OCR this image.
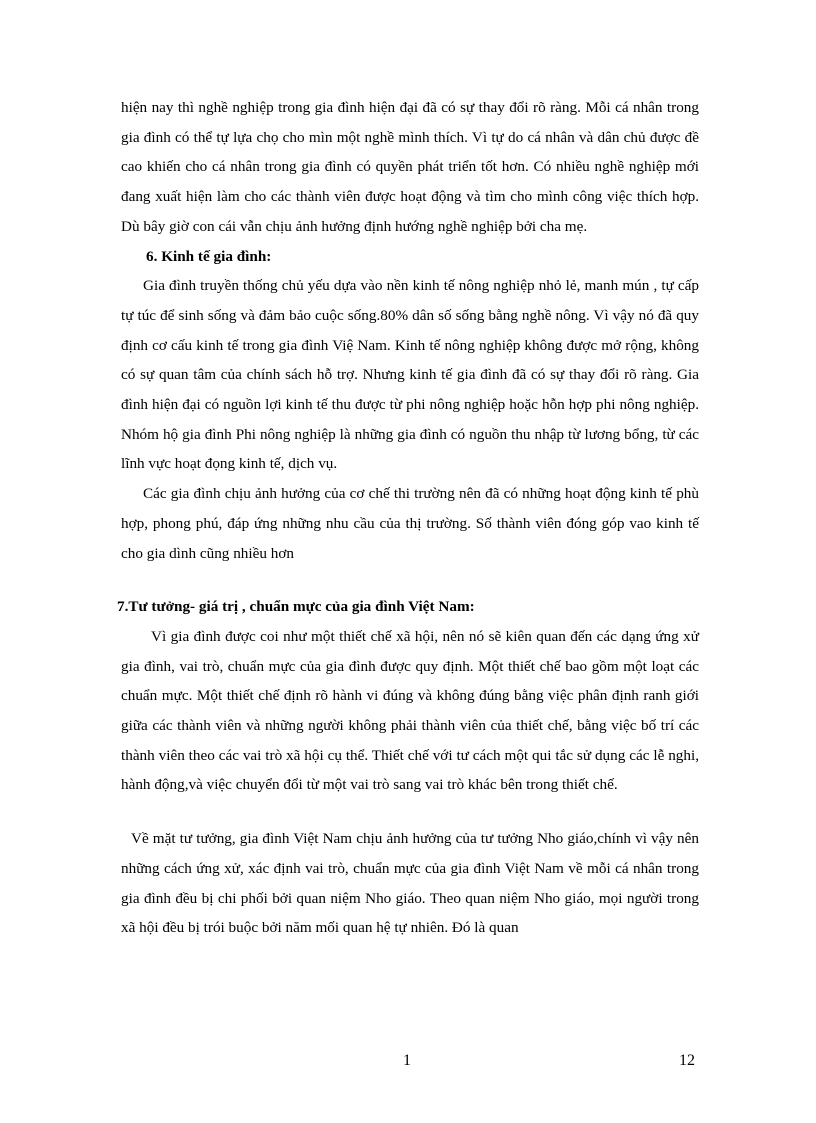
hiện nay thì nghề nghiệp trong gia đình hiện đại đã có sự thay đổi rõ ràng. Mỗi cá nhân trong gia đình có thể tự lựa chọ cho mìn một nghề mình thích. Vì tự do cá nhân và dân chủ được đề cao khiến cho cá nhân trong gia đình có quyền phát triển tốt hơn. Có nhiều nghề nghiệp mới đang xuất hiện làm cho các thành viên được hoạt động và tìm cho mình công việc thích hợp. Dù bây giờ con cái vẫn chịu ảnh hưởng định hướng nghề nghiệp bởi cha mẹ.

6. Kinh tế gia đình:

Gia đình truyền thống chủ yếu dựa vào nền kinh tế nông nghiệp nhỏ lẻ, manh mún , tự cấp tự túc để sinh sống và đảm bảo cuộc sống.80% dân số sống bằng nghề nông. Vì vậy nó đã quy định cơ cấu kinh tế trong gia đình Việ Nam. Kinh tế nông nghiệp không được mở rộng, không có sự quan tâm của chính sách hỗ trợ. Nhưng kinh tế gia đình đã có sự thay đổi rõ ràng. Gia đình hiện đại có nguồn lợi kinh tế thu được từ phi nông nghiệp hoặc hỗn hợp phi nông nghiệp. Nhóm hộ gia đình Phi nông nghiệp là những gia đình có nguồn thu nhập từ lương bổng, từ các lĩnh vực hoạt đọng kinh tế, dịch vụ.

Các gia đình chịu ảnh hưởng của cơ chế thi trường nên đã có những hoạt động kinh tế phù hợp, phong phú, đáp ứng những nhu cầu của thị trường. Số thành viên đóng góp vao kinh tế cho gia dình cũng nhiều hơn

7.Tư tưởng- giá trị , chuẩn mực của gia đình Việt Nam:

Vì gia đình được coi như một thiết chế xã hội, nên nó sẽ kiên quan đến các dạng ứng xử gia đình, vai trò, chuẩn mực của gia đình được quy định. Một thiết chế bao gồm một loạt các chuẩn mực. Một thiết chế định rõ hành vi đúng và không đúng bằng việc phân định ranh giới giữa các thành viên và những người không phải thành viên của thiết chế, bằng việc bố trí các thành viên theo các vai trò xã hội cụ thể. Thiết chế với tư cách một qui tắc sử dụng các lễ nghi, hành động,và việc chuyển đổi từ một vai trò sang vai trò khác bên trong thiết chế.

Về mặt tư tưởng, gia đình Việt Nam chịu ảnh hưởng của tư tưởng Nho giáo,chính vì vậy nên những cách ứng xử, xác định vai trò, chuẩn mực của gia đình Việt Nam về mỗi cá nhân trong gia đình đều bị chi phối bởi quan niệm Nho giáo. Theo quan niệm Nho giáo, mọi người trong xã hội đều bị trói buộc bởi năm mối quan hệ tự nhiên. Đó là quan

1	12
